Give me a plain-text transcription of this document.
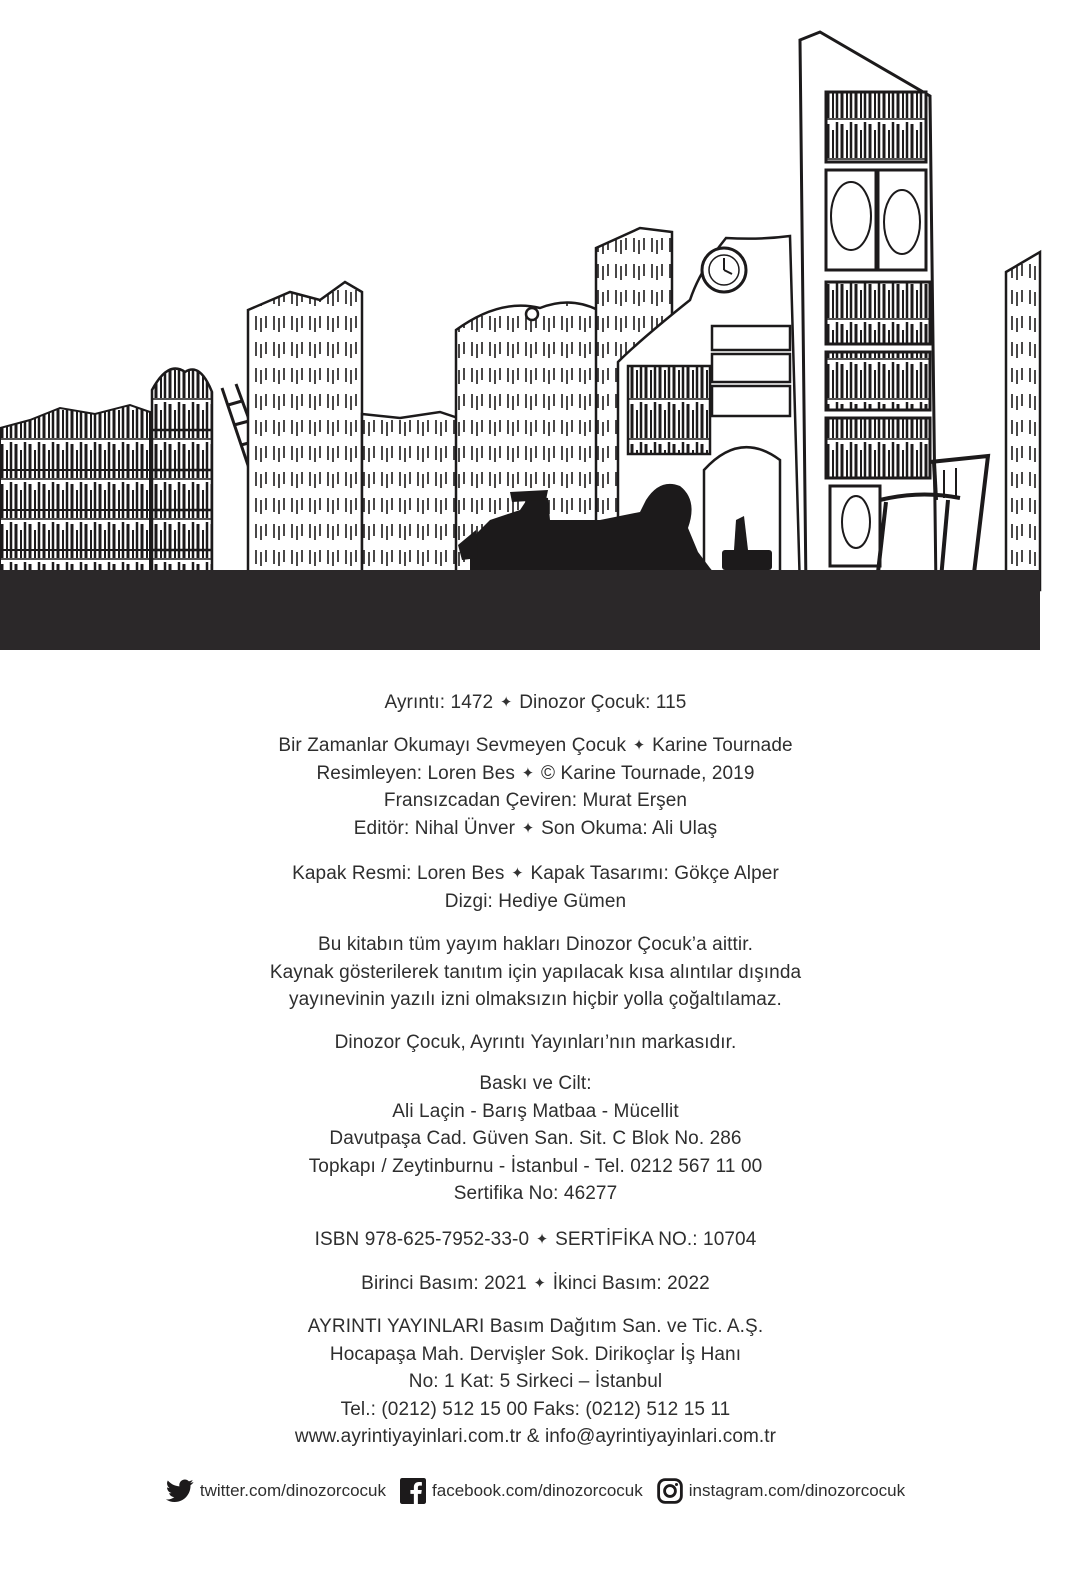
Ayrıntı: 1472 ✦ Dinozor Çocuk: 115
Bir Zamanlar Okumayı Sevmeyen Çocuk ✦ Karine Tournade
Resimleyen: Loren Bes ✦ © Karine Tournade, 2019
Fransızcadan Çeviren: Murat Erşen
Editör: Nihal Ünver ✦ Son Okuma: Ali Ulaş
Kapak Resmi: Loren Bes ✦ Kapak Tasarımı: Gökçe Alper
Dizgi: Hediye Gümen
Bu kitabın tüm yayım hakları Dinozor Çocuk’a aittir.
Kaynak gösterilerek tanıtım için yapılacak kısa alıntılar dışında
yayınevinin yazılı izni olmaksızın hiçbir yolla çoğaltılamaz.
Dinozor Çocuk, Ayrıntı Yayınları’nın markasıdır.
Baskı ve Cilt:
Ali Laçin - Barış Matbaa - Mücellit
Davutpaşa Cad. Güven San. Sit. C Blok No. 286
Topkapı / Zeytinburnu - İstanbul - Tel. 0212 567 11 00
Sertifika No: 46277
ISBN 978-625-7952-33-0 ✦ SERTİFİKA NO.: 10704
Birinci Basım: 2021 ✦ İkinci Basım: 2022
AYRINTI YAYINLARI Basım Dağıtım San. ve Tic. A.Ş.
Hocapaşa Mah. Dervişler Sok. Dirikoçlar İş Hanı
No: 1 Kat: 5 Sirkeci – İstanbul
Tel.: (0212) 512 15 00 Faks: (0212) 512 15 11
www.ayrintiyayinlari.com.tr & info@ayrintiyayinlari.com.tr
twitter.com/dinozorcocuk	facebook.com/dinozorcocuk	instagram.com/dinozorcocuk
